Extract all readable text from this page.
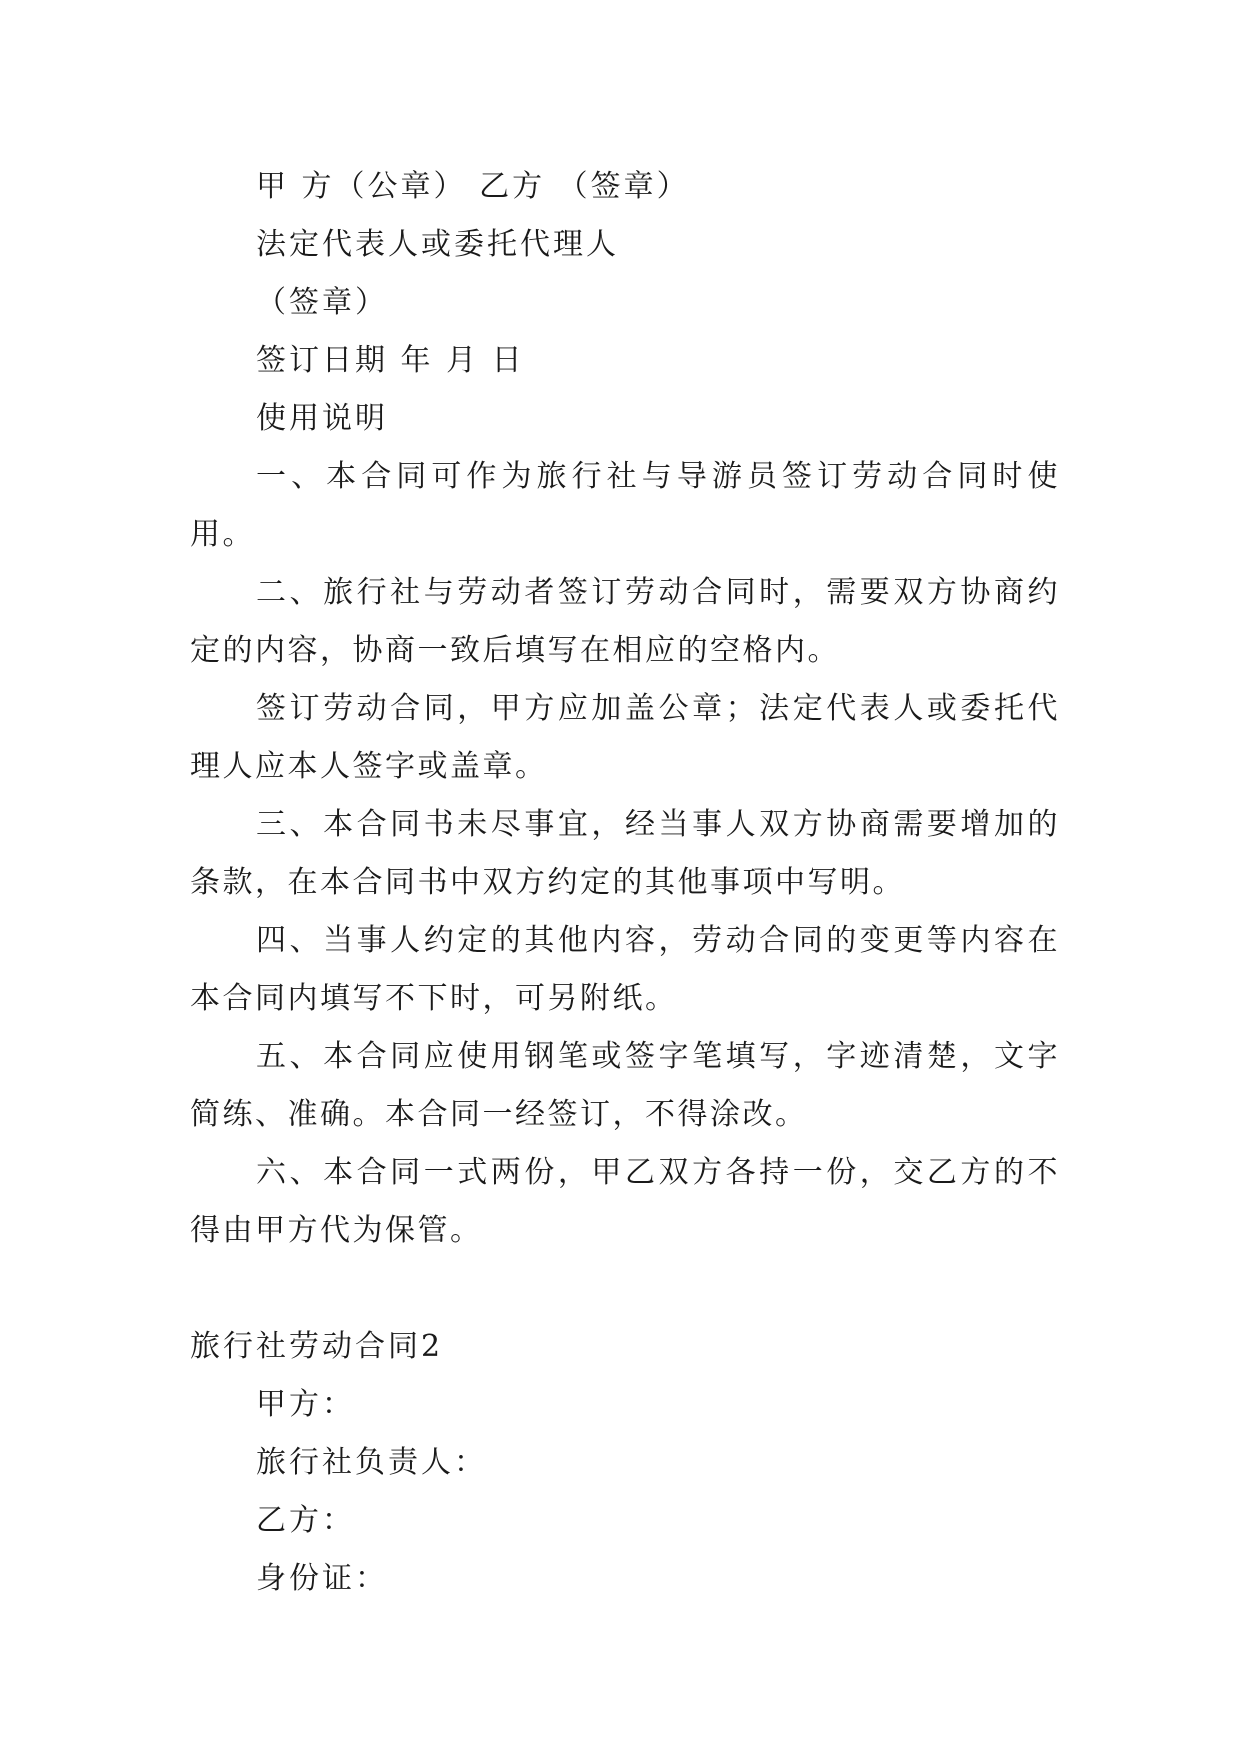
甲 方（公章） 乙方 （签章）
法定代表人或委托代理人
（签章）
签订日期 年 月 日
使用说明
一、本合同可作为旅行社与导游员签订劳动合同时使用。
二、旅行社与劳动者签订劳动合同时，需要双方协商约定的内容，协商一致后填写在相应的空格内。
签订劳动合同，甲方应加盖公章；法定代表人或委托代理人应本人签字或盖章。
三、本合同书未尽事宜，经当事人双方协商需要增加的条款，在本合同书中双方约定的其他事项中写明。
四、当事人约定的其他内容，劳动合同的变更等内容在本合同内填写不下时，可另附纸。
五、本合同应使用钢笔或签字笔填写，字迹清楚，文字简练、准确。本合同一经签订，不得涂改。
六、本合同一式两份，甲乙双方各持一份，交乙方的不得由甲方代为保管。
旅行社劳动合同2
甲方：
旅行社负责人：
乙方：
身份证：
